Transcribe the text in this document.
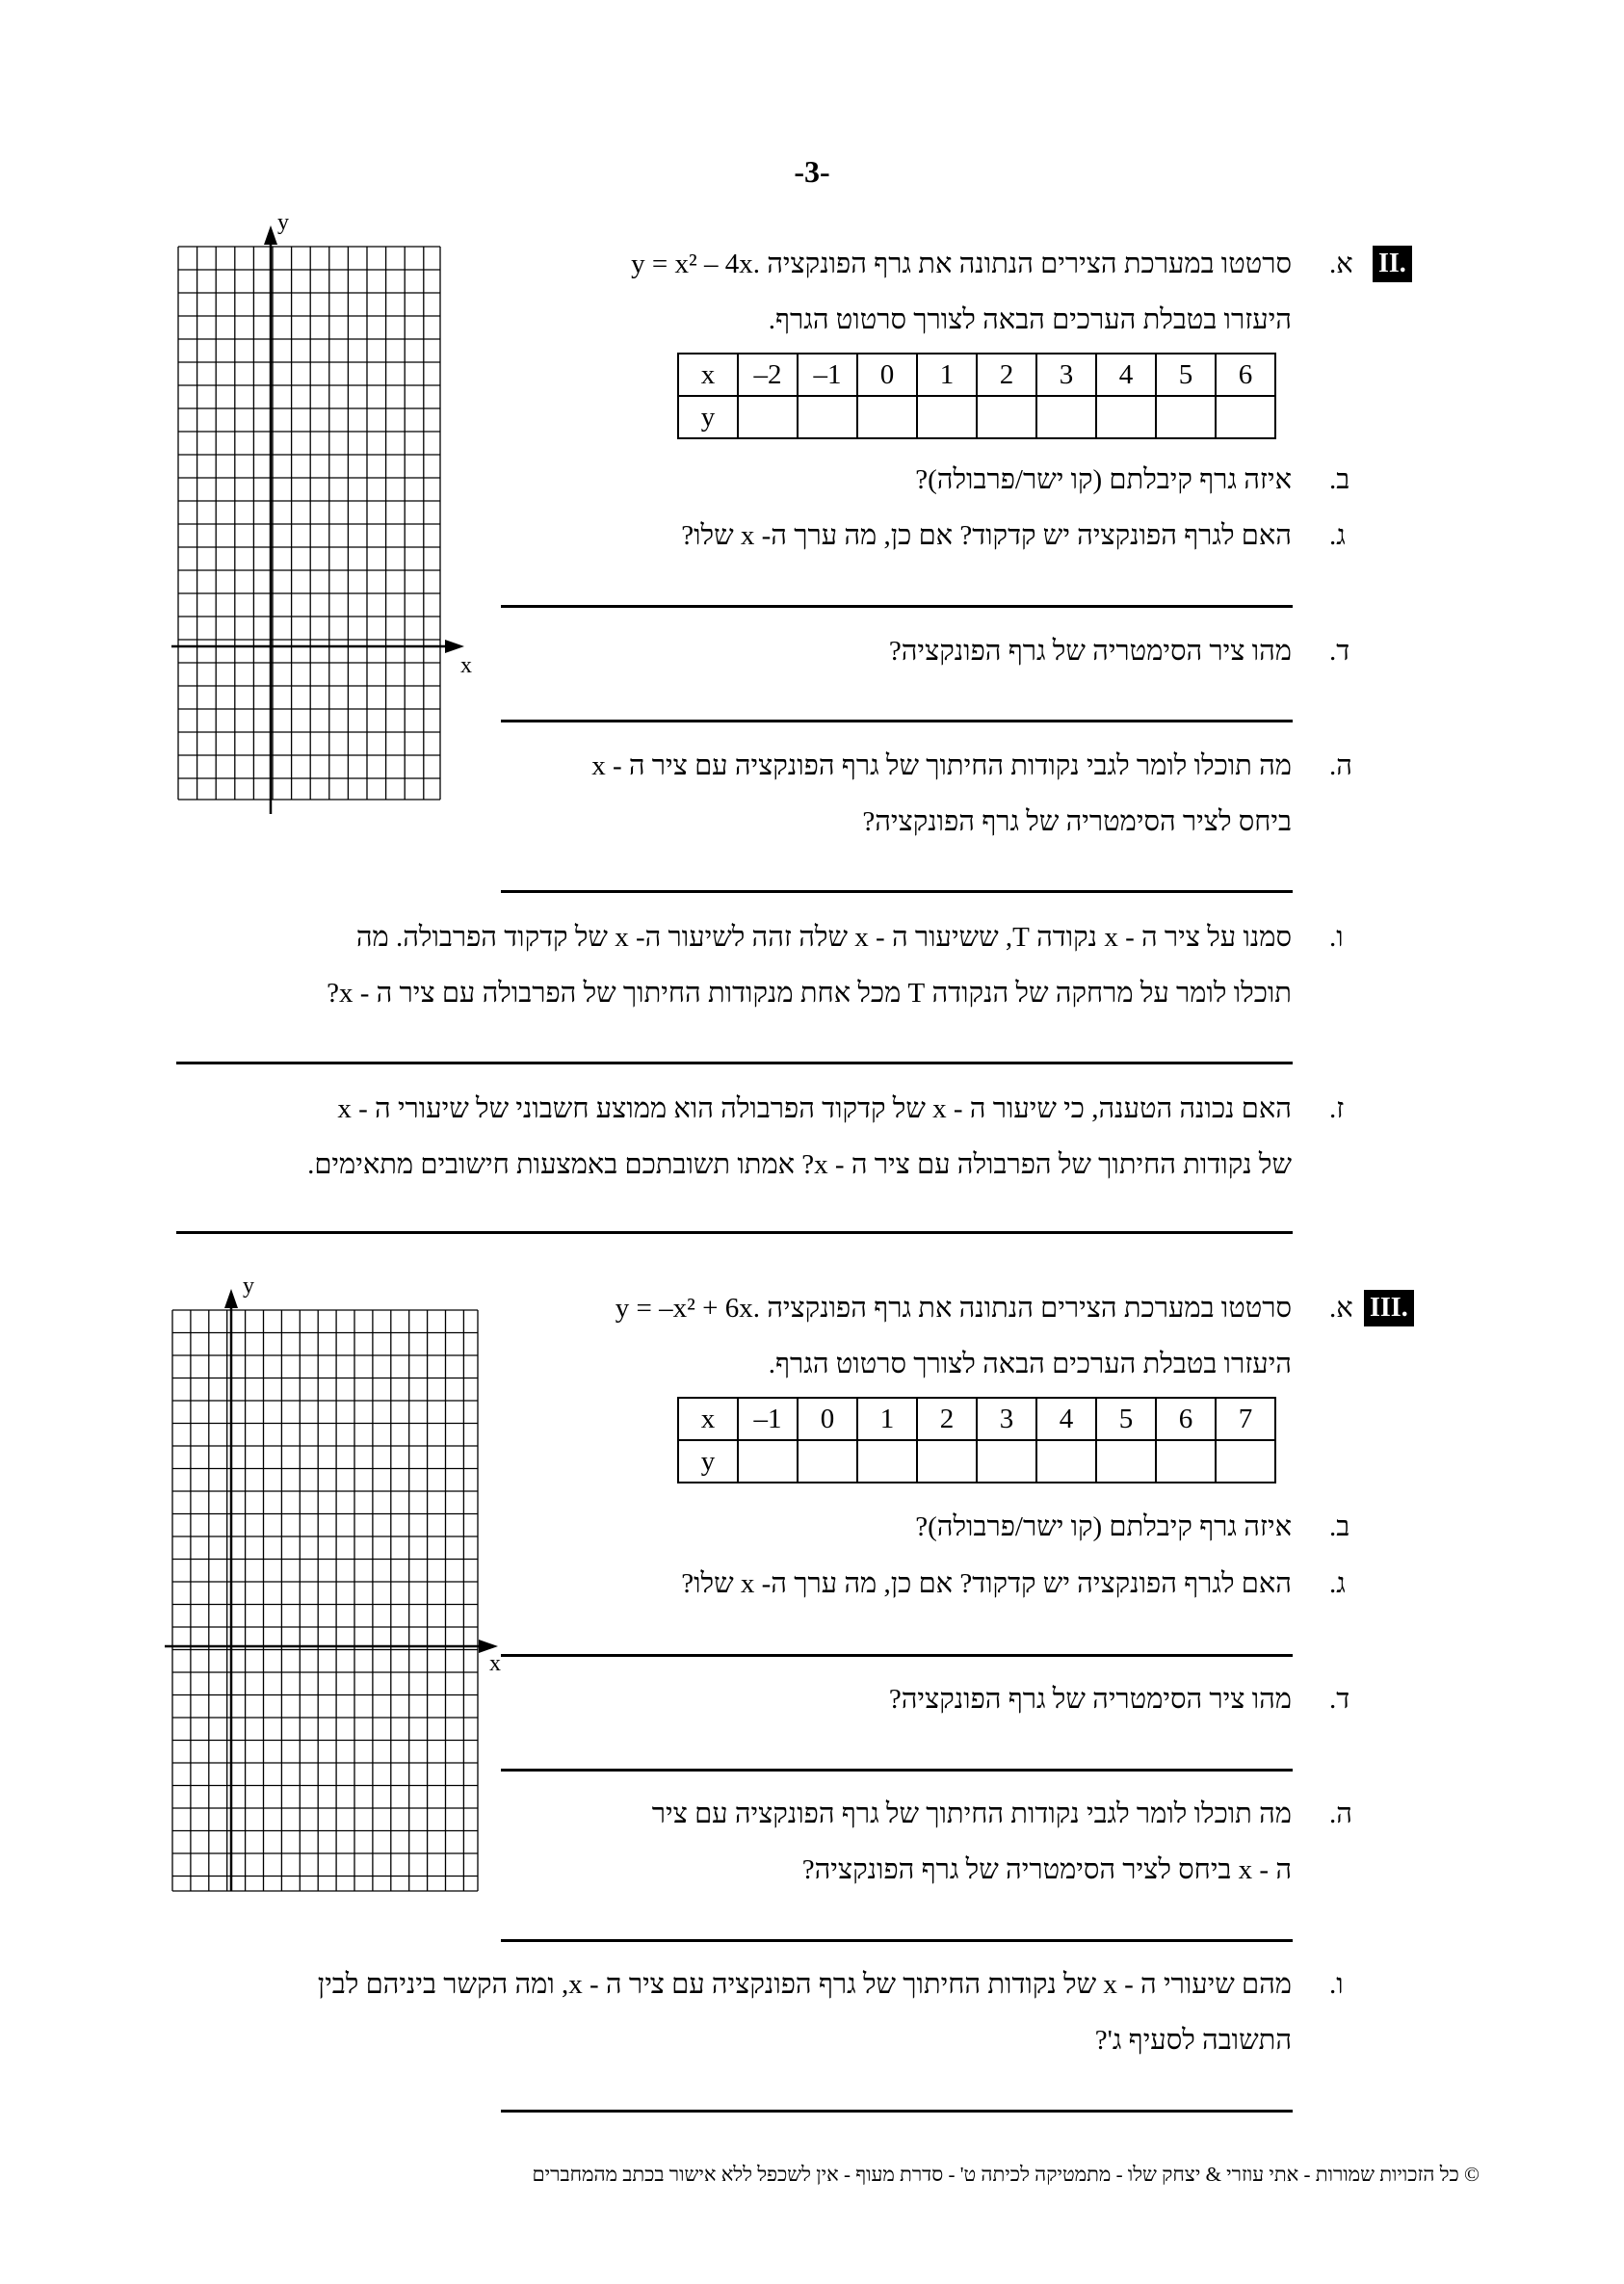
-3-
II.
א.
סרטטו במערכת הצירים הנתונה את גרף הפונקציה y = x² – 4x.
היעזרו בטבלת הערכים הבאה לצורך סרטוט הגרף.
x	–2	–1	0	1	2	3	4	5	6
y									
ב.
איזה גרף קיבלתם (קו ישר/פרבולה)?
ג.
האם לגרף הפונקציה יש קדקוד? אם כן, מה ערך ה- x שלו?
ד.
מהו ציר הסימטריה של גרף הפונקציה?
ה.
מה תוכלו לומר לגבי נקודות החיתוך של גרף הפונקציה עם ציר ה - x
ביחס לציר הסימטריה של גרף הפונקציה?
ו.
סמנו על ציר ה - x נקודה T, ששיעור ה - x שלה זהה לשיעור ה- x של קדקוד הפרבולה. מה
תוכלו לומר על מרחקה של הנקודה T מכל אחת מנקודות החיתוך של הפרבולה עם ציר ה - x?
ז.
האם נכונה הטענה, כי שיעור ה - x של קדקוד הפרבולה הוא ממוצע חשבוני של שיעורי ה - x
של נקודות החיתוך של הפרבולה עם ציר ה - x? אמתו תשובתכם באמצעות חישובים מתאימים.
y
x
III.
א.
סרטטו במערכת הצירים הנתונה את גרף הפונקציה y = –x² + 6x.
היעזרו בטבלת הערכים הבאה לצורך סרטוט הגרף.
x	–1	0	1	2	3	4	5	6	7
y									
ב.
איזה גרף קיבלתם (קו ישר/פרבולה)?
ג.
האם לגרף הפונקציה יש קדקוד? אם כן, מה ערך ה- x שלו?
ד.
מהו ציר הסימטריה של גרף הפונקציה?
ה.
מה תוכלו לומר לגבי נקודות החיתוך של גרף הפונקציה עם ציר
ה - x ביחס לציר הסימטריה של גרף הפונקציה?
ו.
מהם שיעורי ה - x של נקודות החיתוך של גרף הפונקציה עם ציר ה - x, ומה הקשר ביניהם לבין
התשובה לסעיף ג'?
y
x
© כל הזכויות שמורות - אתי עוזרי & יצחק שלו - מתמטיקה לכיתה ט' - סדרת מעוף - אין לשכפל ללא אישור בכתב מהמחברים
